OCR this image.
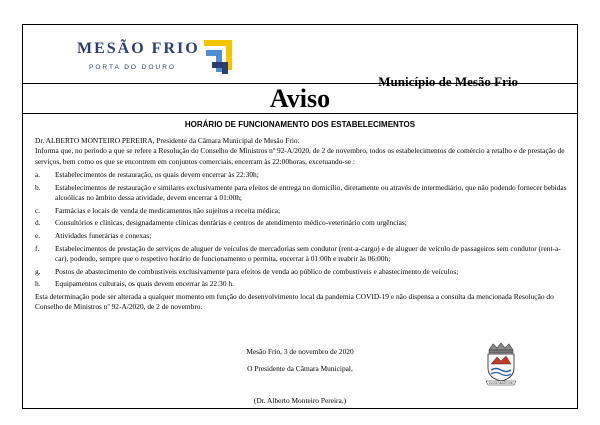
MESÃO FRIO
PORTA DO DOURO
Município de Mesão Frio
Aviso
HORÁRIO DE FUNCIONAMENTO DOS ESTABELECIMENTOS

Dr. ALBERTO MONTEIRO PEREIRA, Presidente da Câmara Municipal de Mesão Frio:

Informa que, no período a que se refere a Resolução do Conselho de Ministros nº 92-A/2020, de 2 de novembro, todos os estabelecimentos de comércio a retalho e de prestação de serviços, bem como os que se encontrem em conjuntos comerciais, encerram às 22:00horas, excetuando-se :

a. Estabelecimentos de restauração, os quais devem encerrar às 22:30h;
b. Estabelecimentos de restauração e similares exclusivamente para efeitos de entrega no domicílio, diretamente ou através de intermediário, que não podendo fornecer bebidas alcoólicas no âmbito dessa atividade, devem encerrar à 01:00h;
c. Farmácias e locais de venda de medicamentos não sujeitos a receita médica;
d. Consultórios e clínicas, designadamente clínicas dentárias e centros de atendimento médico-veterinário com urgências;
e. Atividades funerárias e conexas;
f. Estabelecimentos de prestação de serviços de aluguer de veículos de mercadorias sem condutor (rent-a-cargo) e de aluguer de veículo de passageiros sem condutor (rent-a-car), podendo, sempre que o respetivo horário de funcionamento o permita, encerrar à 01:00h e reabrir às 06:00h;
g. Postos de abastecimento de combustíveis exclusivamente para efeitos de venda ao público de combustíveis e abastecimento de veículos;
h. Equipamentos culturais, os quais devem encerrar às 22:30 h.

Esta determinação pode ser alterada a qualquer momento em função do desenvolvimento local da pandemia COVID-19 e não dispensa a consulta da mencionada Resolução do Conselho de Ministros nº 92-A/2020, de 2 de novembro.

Mesão Frio, 3 de novembro de 2020
O Presidente da Câmara Municipal,
(Dr. Alberto Monteiro Pereira.)
VILA DE MESÃO FRIO
